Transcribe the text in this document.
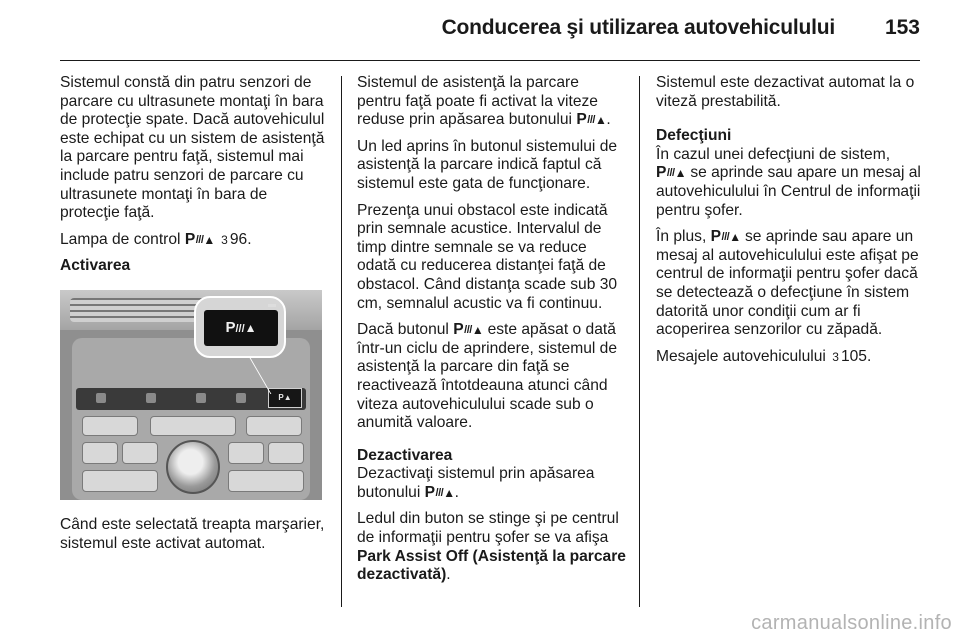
Conducerea şi utilizarea autovehiculului 153

Sistemul constă din patru senzori de parcare cu ultrasunete montaţi în bara de protecţie spate. Dacă autovehiculul este echipat cu un sistem de asistenţă la parcare pentru faţă, sistemul mai include patru senzori de parcare cu ultrasunete montaţi în bara de protecţie faţă.

Lampa de control P///▲ 3 96.

Activarea
P▲
P///▲

Când este selectată treapta marşarier, sistemul este activat automat.

Sistemul de asistenţă la parcare pentru faţă poate fi activat la viteze reduse prin apăsarea butonului P///▲.

Un led aprins în butonul sistemului de asistenţă la parcare indică faptul că sistemul este gata de funcţionare.

Prezenţa unui obstacol este indicată prin semnale acustice. Intervalul de timp dintre semnale se va reduce odată cu reducerea distanţei faţă de obstacol. Când distanţa scade sub 30 cm, semnalul acustic va fi continuu.

Dacă butonul P///▲ este apăsat o dată într-un ciclu de aprindere, sistemul de asistenţă la parcare din faţă se reactivează întotdeauna atunci când viteza autovehiculului scade sub o anumită valoare.

Dezactivarea

Dezactivaţi sistemul prin apăsarea butonului P///▲.

Ledul din buton se stinge şi pe centrul de informaţii pentru şofer se va afişa Park Assist Off (Asistenţă la parcare dezactivată).

Sistemul este dezactivat automat la o viteză prestabilită.

Defecţiuni

În cazul unei defecţiuni de sistem, P///▲ se aprinde sau apare un mesaj al autovehiculului în Centrul de informaţii pentru şofer.

În plus, P///▲ se aprinde sau apare un mesaj al autovehiculului este afişat pe centrul de informaţii pentru şofer dacă se detectează o defecţiune în sistem datorită unor condiţii cum ar fi acoperirea senzorilor cu zăpadă.

Mesajele autovehiculului 3 105.

carmanualsonline.info
